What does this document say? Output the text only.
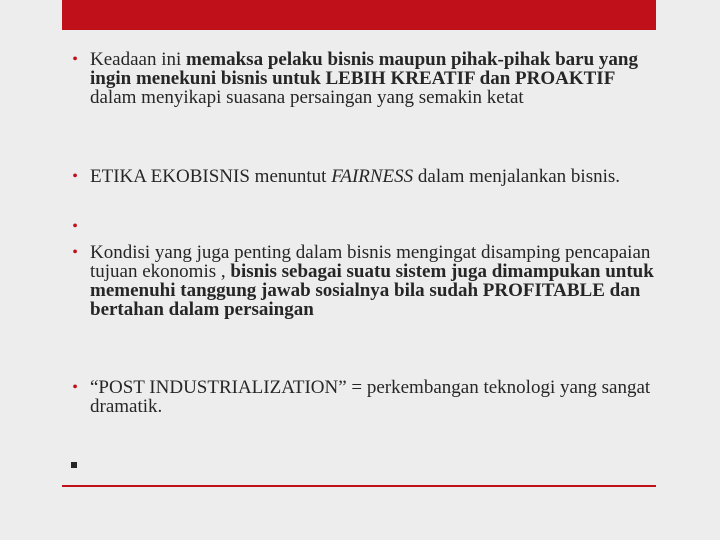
• Keadaan ini memaksa pelaku bisnis maupun pihak-pihak baru yang ingin menekuni bisnis untuk LEBIH KREATIF dan PROAKTIF dalam menyikapi suasana persaingan yang semakin ketat
• ETIKA EKOBISNIS menuntut FAIRNESS dalam menjalankan bisnis.
•
• Kondisi yang juga penting dalam bisnis mengingat disamping pencapaian tujuan ekonomis , bisnis sebagai suatu sistem juga dimampukan untuk memenuhi tanggung jawab sosialnya bila sudah PROFITABLE dan bertahan dalam persaingan
• “POST INDUSTRIALIZATION” = perkembangan teknologi yang sangat dramatik.
